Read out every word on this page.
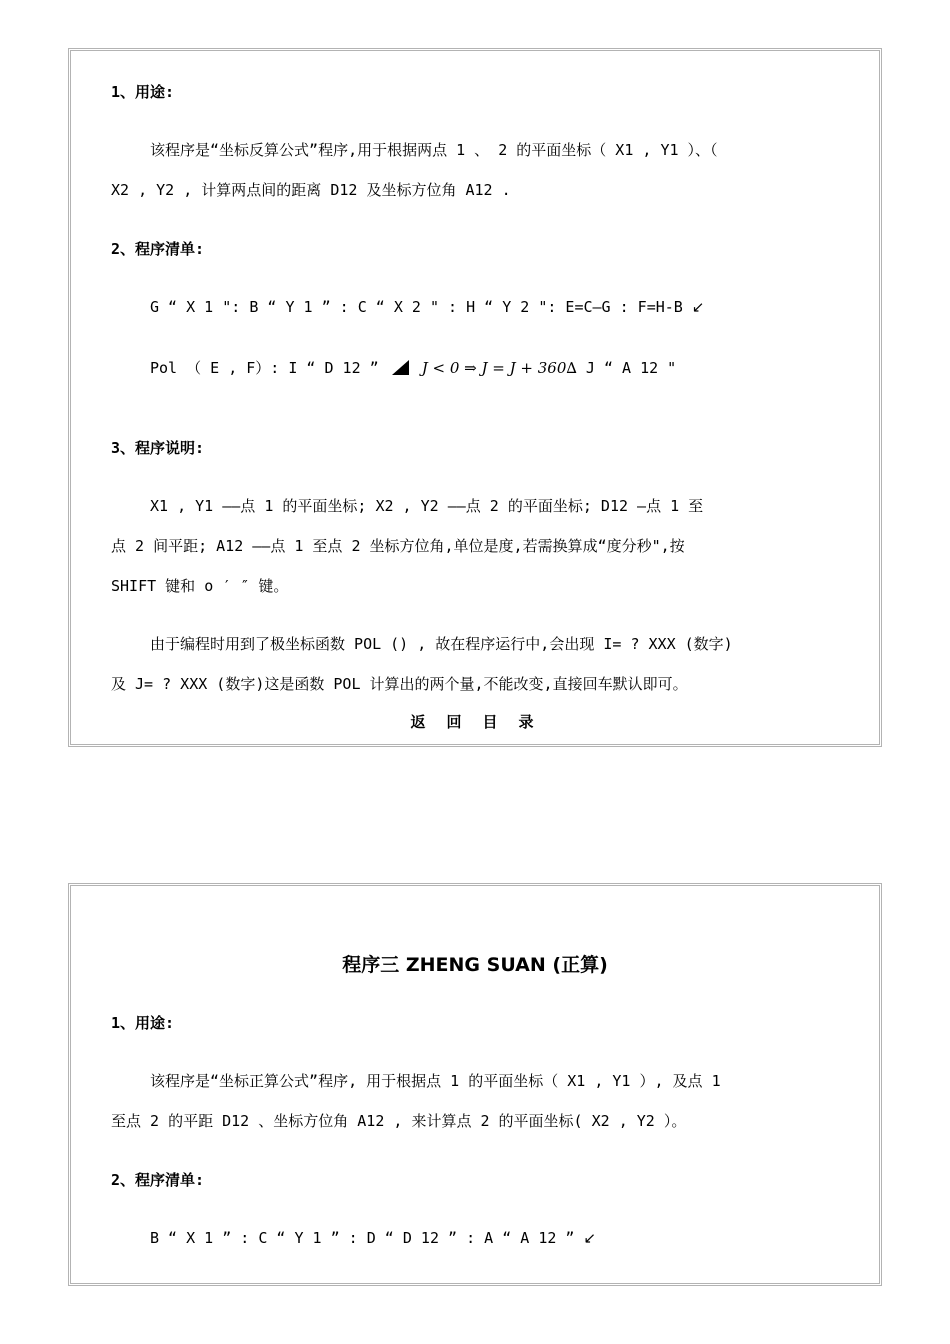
1、用途:
该程序是“坐标反算公式”程序,用于根据两点 1 、 2 的平面坐标（ X1 , Y1 ）、（
X2 , Y2 , 计算两点间的距离 D12 及坐标方位角 A12 .
2、程序清单:
G “ X 1 ": B “ Y 1 ” : C “ X 2 " : H “ Y 2 ": E=C—G : F=H-B ↙
Pol （ E , F）: I “ D 12 ”	J < 0 ⇒ J = J + 360∆ J “ A 12 "
3、程序说明:
X1 , Y1 ——点 1 的平面坐标; X2 , Y2 ——点 2 的平面坐标; D12 —点 1 至
点 2 间平距; A12 ——点 1 至点 2 坐标方位角,单位是度,若需换算成“度分秒",按
SHIFT 键和 o ′ ″ 键。
由于编程时用到了极坐标函数 POL () , 故在程序运行中,会出现 I= ? XXX (数字)
及 J= ? XXX (数字)这是函数 POL 计算出的两个量,不能改变,直接回车默认即可。
返 回 目 录
程序三 ZHENG SUAN (正算)
1、用途:
该程序是“坐标正算公式”程序, 用于根据点 1 的平面坐标（ X1 , Y1 ）, 及点 1
至点 2 的平距 D12 、坐标方位角 A12 , 来计算点 2 的平面坐标( X2 , Y2 ）。
2、程序清单:
B “ X 1 ” : C “ Y 1 ” : D “ D 12 ” : A “ A 12 ” ↙
